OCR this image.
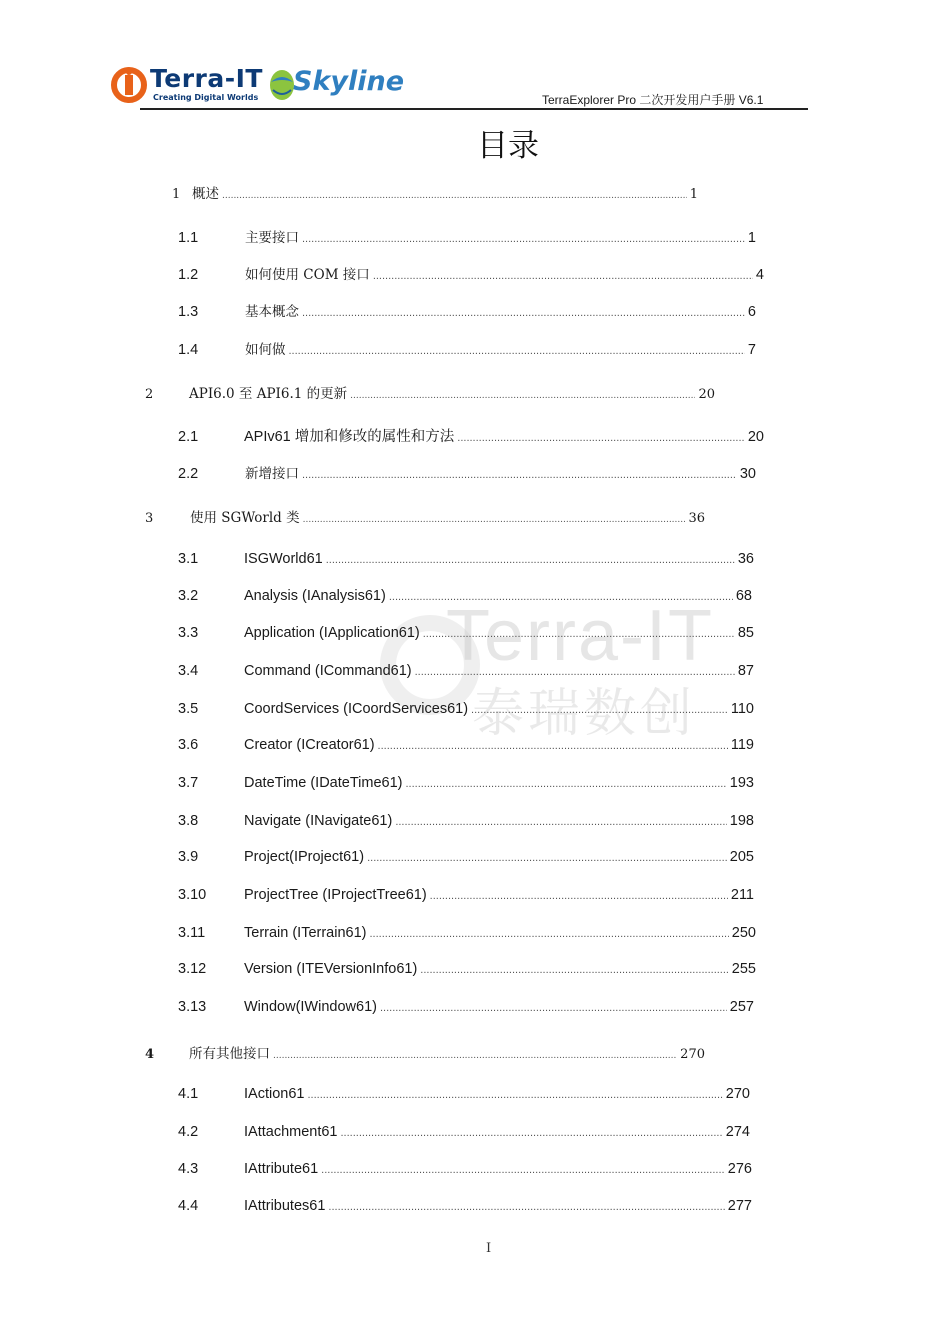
Terra-IT
Creating Digital Worlds
Skyline
TerraExplorer Pro 二次开发用户手册 V6.1
目录
Terra-IT
泰瑞数创
1 概述 .....	1
1.1	主要接口 .....	1
1.2	如何使用 COM 接口 .....	4
1.3	基本概念 .....	6
1.4	如何做 .....	7
2	API6.0 至 API6.1 的更新 .....	20
2.1	APIv61 增加和修改的属性和方法 .....	20
2.2	新增接口 .....	30
3	使用 SGWorld 类 .....	36
3.1	ISGWorld61 .....	36
3.2	Analysis (IAnalysis61) .....	68
3.3	Application (IApplication61) .....	85
3.4	Command (ICommand61) .....	87
3.5	CoordServices (ICoordServices61) .....	110
3.6	Creator (ICreator61) .....	119
3.7	DateTime (IDateTime61) .....	193
3.8	Navigate (INavigate61) .....	198
3.9	Project(IProject61) .....	205
3.10	ProjectTree (IProjectTree61) .....	211
3.11	Terrain (ITerrain61) .....	250
3.12	Version (ITEVersionInfo61) .....	255
3.13	Window(IWindow61) .....	257
4	所有其他接口 .....	270
4.1	IAction61 .....	270
4.2	IAttachment61 .....	274
4.3	IAttribute61 .....	276
4.4	IAttributes61 .....	277
I
